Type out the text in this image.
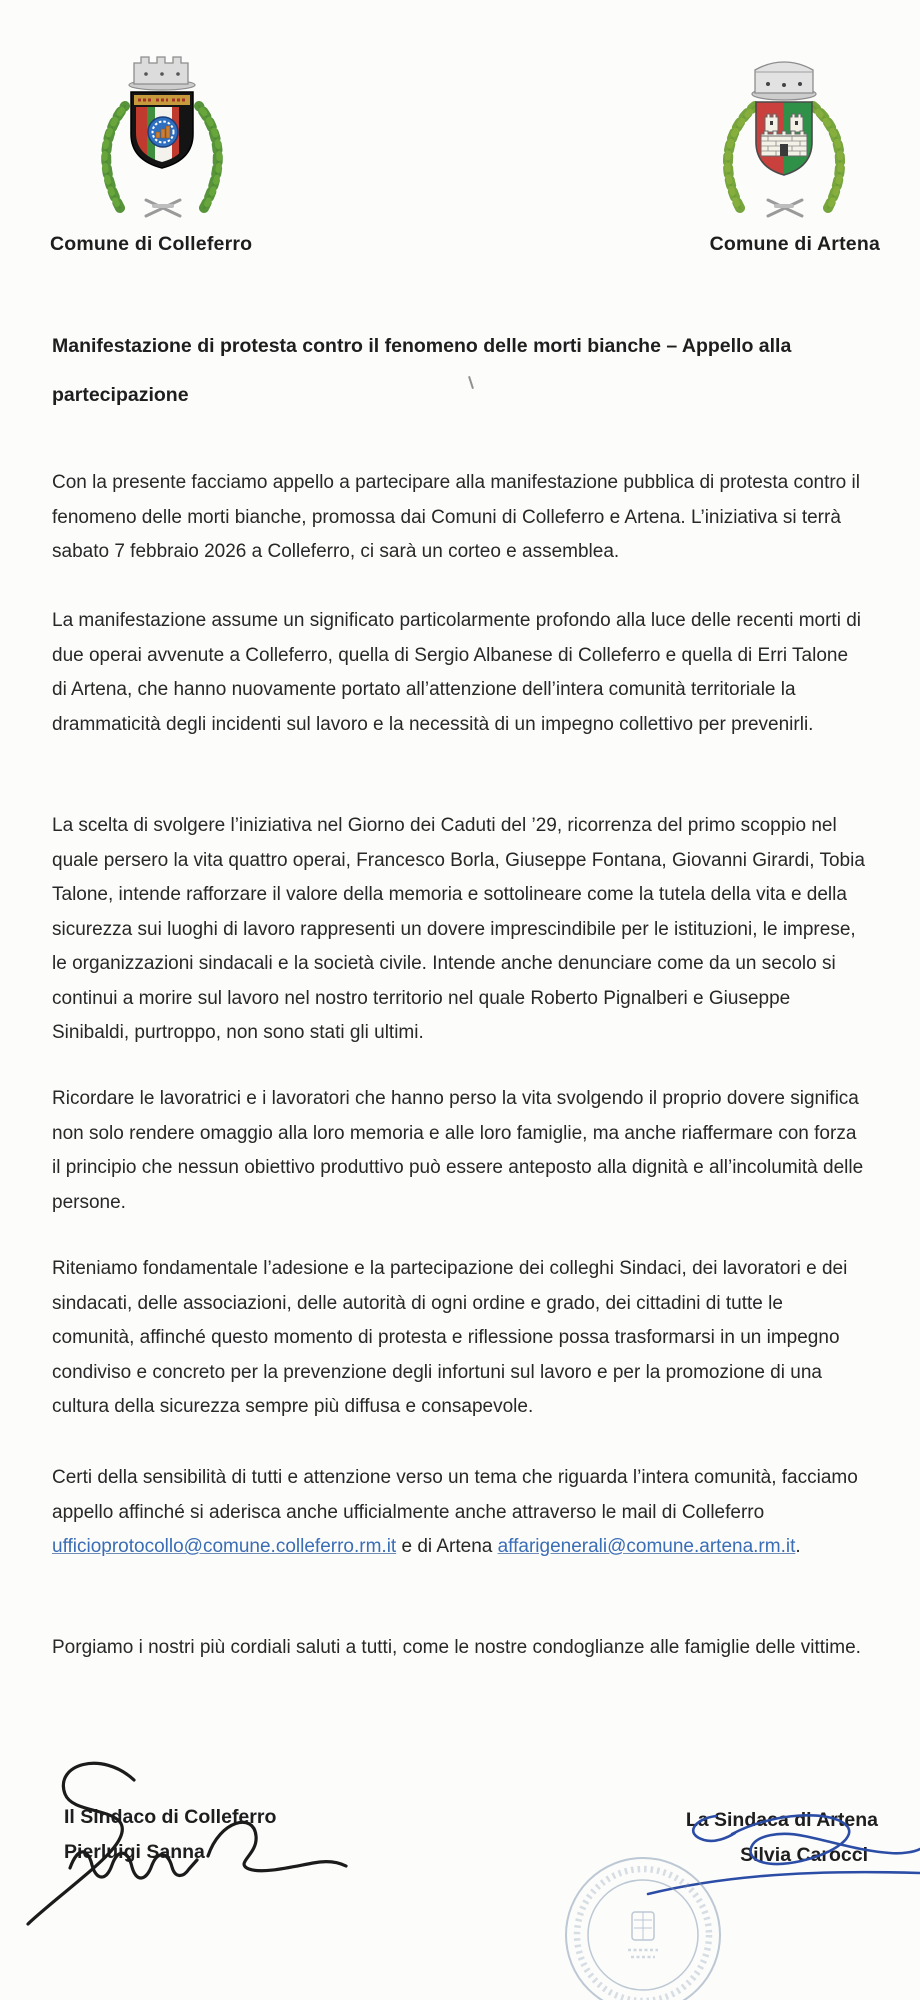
Comune di Colleferro	Comune di Artena
Manifestazione di protesta contro il fenomeno delle morti bianche – Appello alla
partecipazione

Con la presente facciamo appello a partecipare alla manifestazione pubblica di protesta contro il fenomeno delle morti bianche, promossa dai Comuni di Colleferro e Artena. L’iniziativa si terrà sabato 7 febbraio 2026 a Colleferro, ci sarà un corteo e assemblea.

La manifestazione assume un significato particolarmente profondo alla luce delle recenti morti di due operai avvenute a Colleferro, quella di Sergio Albanese di Colleferro e quella di Erri Talone di Artena, che hanno nuovamente portato all’attenzione dell’intera comunità territoriale la drammaticità degli incidenti sul lavoro e la necessità di un impegno collettivo per prevenirli.

La scelta di svolgere l’iniziativa nel Giorno dei Caduti del ’29, ricorrenza del primo scoppio nel quale persero la vita quattro operai, Francesco Borla, Giuseppe Fontana, Giovanni Girardi, Tobia Talone, intende rafforzare il valore della memoria e sottolineare come la tutela della vita e della sicurezza sui luoghi di lavoro rappresenti un dovere imprescindibile per le istituzioni, le imprese, le organizzazioni sindacali e la società civile. Intende anche denunciare come da un secolo si continui a morire sul lavoro nel nostro territorio nel quale Roberto Pignalberi e Giuseppe Sinibaldi, purtroppo, non sono stati gli ultimi.

Ricordare le lavoratrici e i lavoratori che hanno perso la vita svolgendo il proprio dovere significa non solo rendere omaggio alla loro memoria e alle loro famiglie, ma anche riaffermare con forza il principio che nessun obiettivo produttivo può essere anteposto alla dignità e all’incolumità delle persone.

Riteniamo fondamentale l’adesione e la partecipazione dei colleghi Sindaci, dei lavoratori e dei sindacati, delle associazioni, delle autorità di ogni ordine e grado, dei cittadini di tutte le comunità, affinché questo momento di protesta e riflessione possa trasformarsi in un impegno condiviso e concreto per la prevenzione degli infortuni sul lavoro e per la promozione di una cultura della sicurezza sempre più diffusa e consapevole.

Certi della sensibilità di tutti e attenzione verso un tema che riguarda l’intera comunità, facciamo appello affinché si aderisca anche ufficialmente anche attraverso le mail di Colleferro ufficioprotocollo@comune.colleferro.rm.it e di Artena affarigenerali@comune.artena.rm.it.

Porgiamo i nostri più cordiali saluti a tutti, come le nostre condoglianze alle famiglie delle vittime.

Il Sindaco di Colleferro
Pierluigi Sanna
La Sindaca di Artena
Silvia Carocci
